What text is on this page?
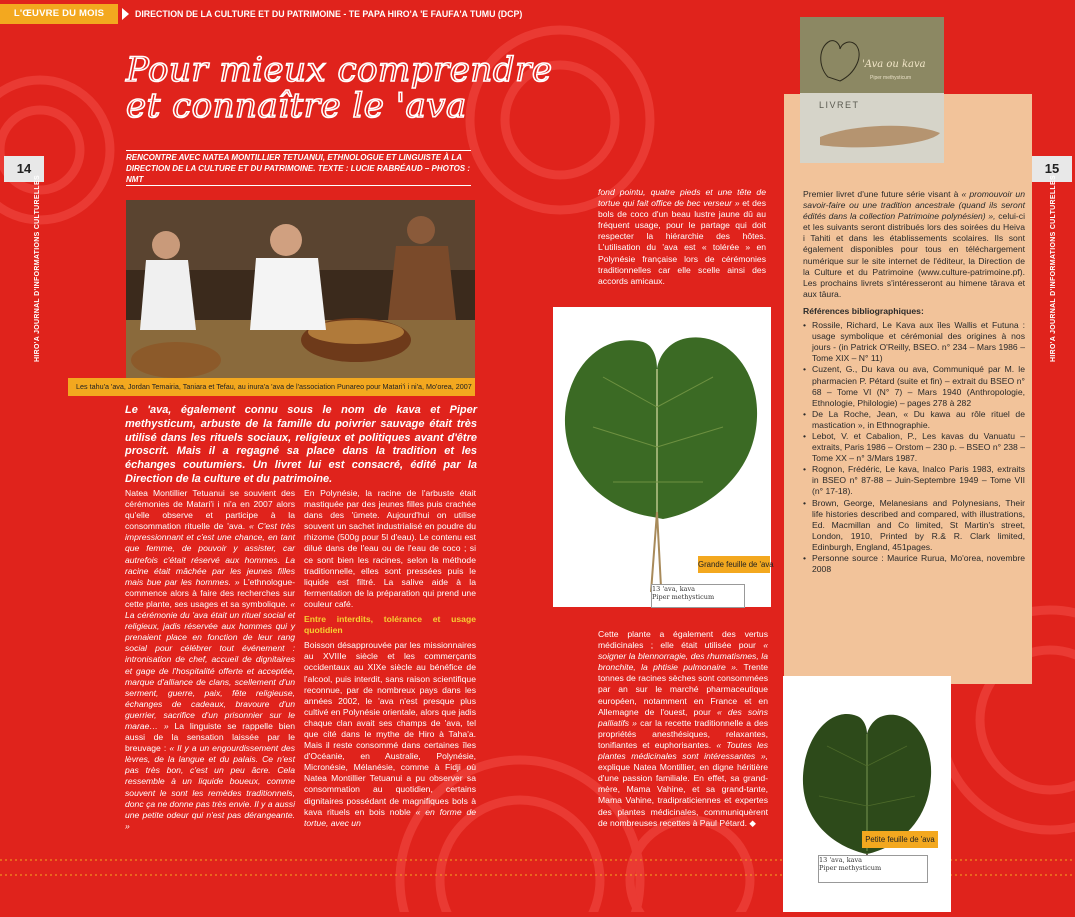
L'ŒUVRE DU MOIS	DIRECTION DE LA CULTURE ET DU PATRIMOINE - TE PAPA HIRO'A 'E FAUFA'A TUMU (DCP)
Pour mieux comprendre
et connaître le 'ava
14	15
HIRO'A JOURNAL D'INFORMATIONS CULTURELLES	HIRO'A JOURNAL D'INFORMATIONS CULTURELLES
RENCONTRE AVEC NATEA MONTILLIER TETUANUI, ETHNOLOGUE ET LINGUISTE À LA DIRECTION DE LA CULTURE ET DU PATRIMOINE. TEXTE : LUCIE RABRÉAUD – PHOTOS : NMT
Les tahu'a 'ava, Jordan Temairia, Taniara et Tefau, au inura'a 'ava de l'association Punareo pour Matari'i i ni'a, Mo'orea, 2007
Le 'ava, également connu sous le nom de kava et Piper methysticum, arbuste de la famille du poivrier sauvage était très utilisé dans les rituels sociaux, religieux et politiques avant d'être proscrit. Mais il a regagné sa place dans la tradition et les échanges coutumiers. Un livret lui est consacré, édité par la Direction de la culture et du patrimoine.

Natea Montillier Tetuanui se souvient des cérémonies de Matari'i i ni'a en 2007 alors qu'elle observe et participe à la consommation rituelle de 'ava. « C'est très impressionnant et c'est une chance, en tant que femme, de pouvoir y assister, car autrefois c'était réservé aux hommes. La racine était mâchée par les jeunes filles mais bue par les hommes. » L'ethnologue-commence alors à faire des recherches sur cette plante, ses usages et sa symbolique. « La cérémonie du 'ava était un rituel social et religieux, jadis réservée aux hommes qui y prenaient place en fonction de leur rang social pour célébrer tout événement : intronisation de chef, accueil de dignitaires et gage de l'hospitalité offerte et acceptée, marque d'alliance de clans, scellement d'un serment, guerre, paix, fête religieuse, échanges de cadeaux, bravoure d'un guerrier, sacrifice d'un prisonnier sur le marae… » La linguiste se rappelle bien aussi de la sensation laissée par le breuvage : « Il y a un engourdissement des lèvres, de la langue et du palais. Ce n'est pas très bon, c'est un peu âcre. Cela ressemble à un liquide boueux, comme souvent le sont les remèdes traditionnels, donc ça ne donne pas très envie. Il y a aussi une petite odeur qui n'est pas dérangeante. »

En Polynésie, la racine de l'arbuste était mastiquée par des jeunes filles puis crachée dans des 'ūmete. Aujourd'hui on utilise souvent un sachet industrialisé en poudre du rhizome (500g pour 5l d'eau). Le contenu est dilué dans de l'eau ou de l'eau de coco ; si ce sont bien les racines, selon la méthode traditionnelle, elles sont pressées puis le liquide est filtré. La salive aide à la fermentation de la préparation qui prend une couleur café.

Entre interdits, tolérance et usage quotidien

Boisson désapprouvée par les missionnaires au XVIIIe siècle et les commerçants occidentaux au XIXe siècle au bénéfice de l'alcool, puis interdit, sans raison scientifique reconnue, par de nombreux pays dans les années 2002, le 'ava n'est presque plus cultivé en Polynésie orientale, alors que jadis chaque clan avait ses champs de 'ava, tel que cité dans le mythe de Hiro à Taha'a. Mais il reste consommé dans certaines îles d'Océanie, en Australie, Polynésie, Micronésie, Mélanésie, comme à Fidji où Natea Montillier Tetuanui a pu observer sa consommation au quotidien, certains dignitaires possédant de magnifiques bols à kava rituels en bois noble « en forme de tortue, avec un

fond pointu, quatre pieds et une tête de tortue qui fait office de bec verseur » et des bols de coco d'un beau lustre jaune dû au fréquent usage, pour le partage qui doit respecter la hiérarchie des hôtes. L'utilisation du 'ava est « tolérée » en Polynésie française lors de cérémonies traditionnelles car elle scelle ainsi des accords amicaux.

13 'ava, kava
Piper methysticum
Grande feuille de 'ava

Cette plante a également des vertus médicinales ; elle était utilisée pour « soigner la blennorragie, des rhumatismes, la bronchite, la phtisie pulmonaire ». Trente tonnes de racines sèches sont consommées par an sur le marché pharmaceutique européen, notamment en France et en Allemagne de l'ouest, pour « des soins palliatifs » car la recette traditionnelle a des propriétés anesthésiques, relaxantes, tonifiantes et euphorisantes. « Toutes les plantes médicinales sont intéressantes », explique Natea Montillier, en digne héritière d'une passion familiale. En effet, sa grand-mère, Mama Vahine, et sa grand-tante, Mama Vahine, tradipraticiennes et expertes des plantes médicinales, communiquèrent de nombreuses recettes à Paul Pétard. ◆

'Ava ou kava
Piper methysticum
LIVRET

Premier livret d'une future série visant à « promouvoir un savoir-faire ou une tradition ancestrale (quand ils seront édités dans la collection Patrimoine polynésien) », celui-ci et les suivants seront distribués lors des soirées du Heiva i Tahiti et dans les établissements scolaires. Ils sont également disponibles pour tous en téléchargement numérique sur le site internet de l'éditeur, la Direction de la Culture et du Patrimoine (www.culture-patrimoine.pf). Les prochains livrets s'intéresseront au himene tārava et aux tāura.

Références bibliographiques:

• Rossile, Richard, Le Kava aux îles Wallis et Futuna : usage symbolique et cérémonial des origines à nos jours - (in Patrick O'Reilly, BSEO. n° 234 – Mars 1986 – Tome XIX – N° 11)
• Cuzent, G., Du kava ou ava, Communiqué par M. le pharmacien P. Pétard (suite et fin) – extrait du BSEO n° 68 – Tome VI (N° 7) – Mars 1940 (Anthropologie, Ethnologie, Philologie) – pages 278 à 282
• De La Roche, Jean, « Du kawa au rôle rituel de mastication », in Ethnographie.
• Lebot, V. et Cabalion, P., Les kavas du Vanuatu – extraits, Paris 1986 – Orstom – 230 p. – BSEO n° 238 – Tome XX – n° 3/Mars 1987.
• Rognon, Frédéric, Le kava, Inalco Paris 1983, extraits in BSEO n° 87-88 – Juin-Septembre 1949 – Tome VII (n° 17-18).
• Brown, George, Melanesians and Polynesians, Their life histories described and compared, with illustrations, Ed. Macmillan and Co limited, St Martin's street, London, 1910, Printed by R.& R. Clark limited, Edinburgh, England, 451pages.
• Personne source : Maurice Rurua, Mo'orea, novembre 2008
13 'ava, kava
Piper methysticum
Petite feuille de 'ava
